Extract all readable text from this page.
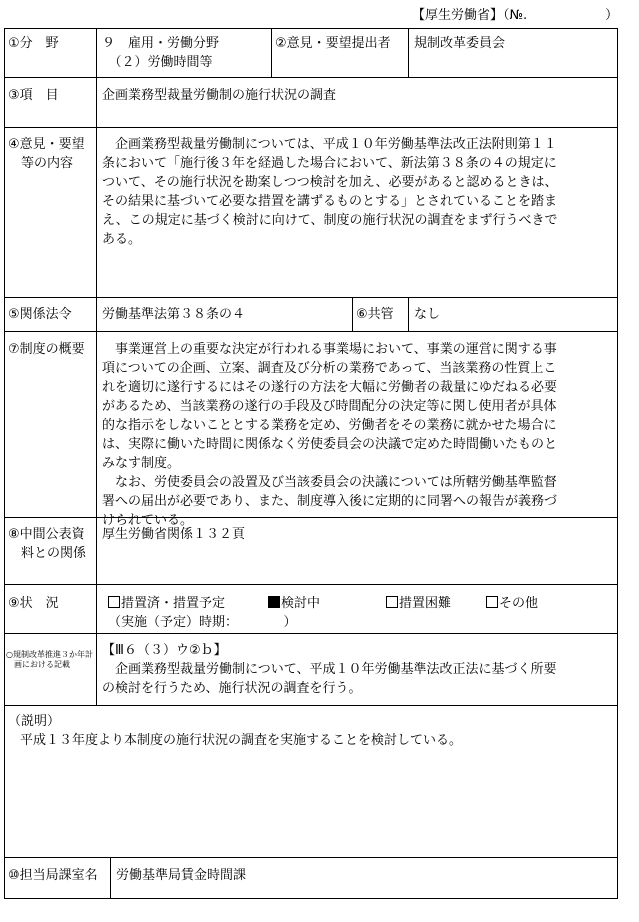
【厚生労働省】（№.　　　　　　）
①分　野	９　雇用・労働分野
　（２）労働時間等
②意見・要望提出者 規制改革委員会
③項　目	企画業務型裁量労働制の施行状況の調査
④意見・要望
　等の内容
　企画業務型裁量労働制については、平成１０年労働基準法改正法附則第１１
条において「施行後３年を経過した場合において、新法第３８条の４の規定に
ついて、その施行状況を勘案しつつ検討を加え、必要があると認めるときは、
その結果に基づいて必要な措置を講ずるものとする」とされていることを踏ま
え、この規定に基づく検討に向けて、制度の施行状況の調査をまず行うべきで
ある。
⑤関係法令 労働基準法第３８条の４	⑥共管 なし
⑦制度の概要 　事業運営上の重要な決定が行われる事業場において、事業の運営に関する事
項についての企画、立案、調査及び分析の業務であって、当該業務の性質上こ
れを適切に遂行するにはその遂行の方法を大幅に労働者の裁量にゆだねる必要
があるため、当該業務の遂行の手段及び時間配分の決定等に関し使用者が具体
的な指示をしないこととする業務を定め、労働者をその業務に就かせた場合に
は、実際に働いた時間に関係なく労使委員会の決議で定めた時間働いたものと
みなす制度。
　なお、労使委員会の設置及び当該委員会の決議については所轄労働基準監督
署への届出が必要であり、また、制度導入後に定期的に同署への報告が義務づ
けられている。
⑧中間公表資
　料との関係
厚生労働省関係１３２頁
⑨状　況	措置済・措置予定	検討中	措置困難	その他
（実施（予定）時期：　　　　）
○規制改革推進３か年計
　画における記載
【Ⅲ６（３）ウ②ｂ】
　企画業務型裁量労働制について、平成１０年労働基準法改正法に基づく所要
の検討を行うため、施行状況の調査を行う。
（説明）
平成１３年度より本制度の施行状況の調査を実施することを検討している。
⑩担当局課室名 労働基準局賃金時間課
